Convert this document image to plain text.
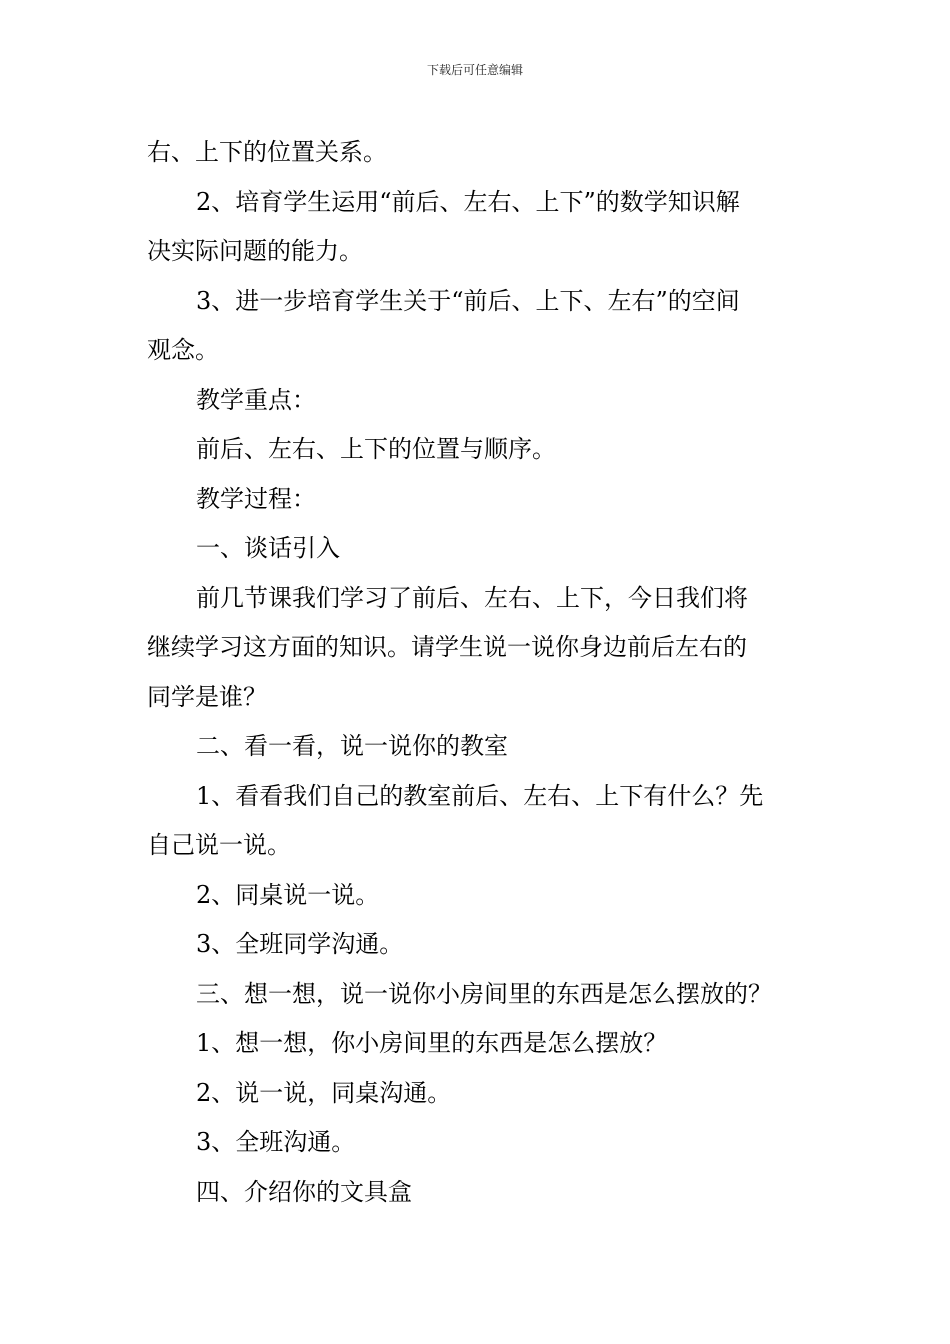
下载后可任意编辑

右、上下的位置关系。

2、培育学生运用“前后、左右、上下”的数学知识解

决实际问题的能力。

3、进一步培育学生关于“前后、上下、左右”的空间

观念。

教学重点：

前后、左右、上下的位置与顺序。

教学过程：

一、谈话引入

前几节课我们学习了前后、左右、上下，今日我们将

继续学习这方面的知识。请学生说一说你身边前后左右的

同学是谁？

二、看一看，说一说你的教室

1、看看我们自己的教室前后、左右、上下有什么？先

自己说一说。

2、同桌说一说。

3、全班同学沟通。

三、想一想，说一说你小房间里的东西是怎么摆放的？

1、想一想，你小房间里的东西是怎么摆放？

2、说一说，同桌沟通。

3、全班沟通。

四、介绍你的文具盒
